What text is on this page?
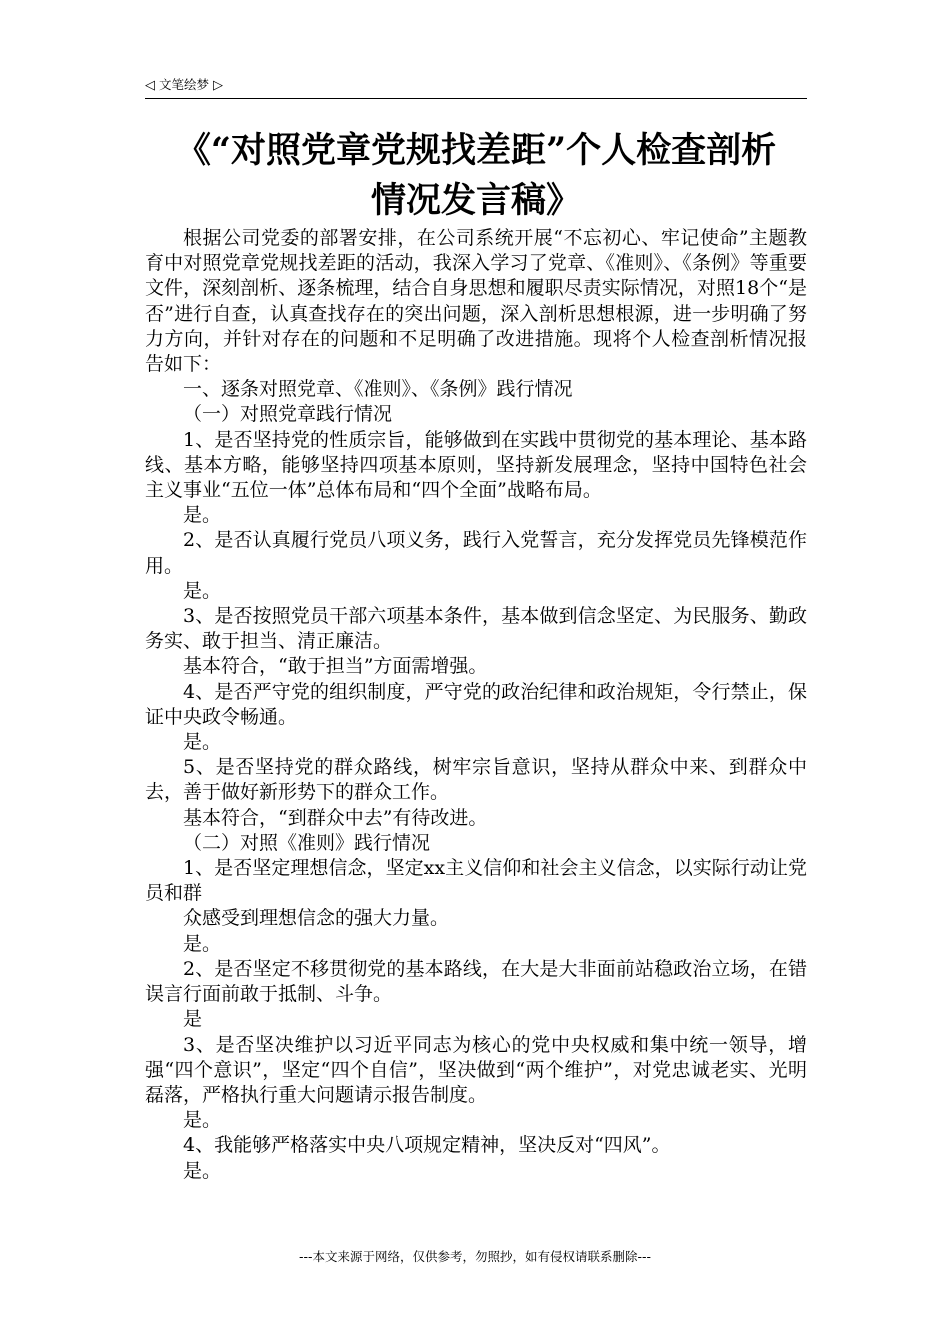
◁ 文笔绘梦 ▷
《“对照党章党规找差距”个人检查剖析
情况发言稿》

根据公司党委的部署安排，在公司系统开展“不忘初心、牢记使命”主题教育中对照党章党规找差距的活动，我深入学习了党章、《准则》、《条例》等重要文件，深刻剖析、逐条梳理，结合自身思想和履职尽责实际情况，对照18个“是否”进行自查，认真查找存在的突出问题，深入剖析思想根源，进一步明确了努力方向，并针对存在的问题和不足明确了改进措施。现将个人检查剖析情况报告如下：

一、逐条对照党章、《准则》、《条例》践行情况

（一）对照党章践行情况

1、是否坚持党的性质宗旨，能够做到在实践中贯彻党的基本理论、基本路线、基本方略，能够坚持四项基本原则，坚持新发展理念，坚持中国特色社会主义事业“五位一体”总体布局和“四个全面”战略布局。

是。

2、是否认真履行党员八项义务，践行入党誓言，充分发挥党员先锋模范作用。

是。

3、是否按照党员干部六项基本条件，基本做到信念坚定、为民服务、勤政务实、敢于担当、清正廉洁。

基本符合，“敢于担当”方面需增强。

4、是否严守党的组织制度，严守党的政治纪律和政治规矩，令行禁止，保证中央政令畅通。

是。

5、是否坚持党的群众路线，树牢宗旨意识，坚持从群众中来、到群众中去，善于做好新形势下的群众工作。

基本符合，“到群众中去”有待改进。

（二）对照《准则》践行情况

1、是否坚定理想信念，坚定xx主义信仰和社会主义信念，以实际行动让党员和群

众感受到理想信念的强大力量。

是。

2、是否坚定不移贯彻党的基本路线，在大是大非面前站稳政治立场，在错误言行面前敢于抵制、斗争。

是

3、是否坚决维护以习近平同志为核心的党中央权威和集中统一领导，增强“四个意识”，坚定“四个自信”，坚决做到“两个维护”，对党忠诚老实、光明磊落，严格执行重大问题请示报告制度。

是。

4、我能够严格落实中央八项规定精神，坚决反对“四风”。

是。

---本文来源于网络，仅供参考，勿照抄，如有侵权请联系删除---
